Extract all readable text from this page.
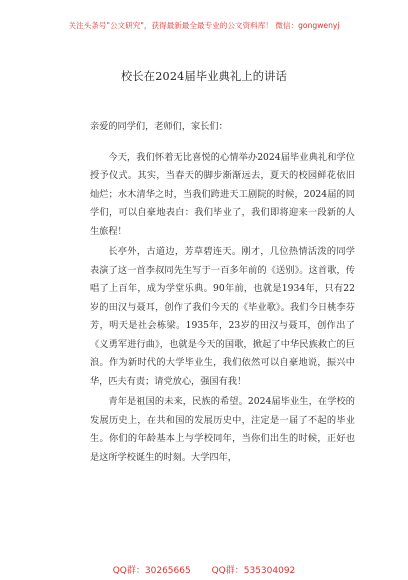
关注头条号"公文研究"，获得最新最全最专业的公文资料库！ 微信：gongwenyj
校长在2024届毕业典礼上的讲话

亲爱的同学们，老师们，家长们：

今天，我们怀着无比喜悦的心情举办2024届毕业典礼和学位授予仪式。其实，当春天的脚步渐渐远去，夏天的校园鲜花依旧灿烂；水木清华之时，当我们跨进天工剧院的时候，2024届的同学们，可以自豪地表白：我们毕业了，我们即将迎来一段新的人生旅程！

长亭外，古道边，芳草碧连天。刚才，几位热情活泼的同学表演了这一首李叔同先生写于一百多年前的《送别》。这首歌，传唱了上百年，成为学堂乐典。90年前，也就是1934年，只有22岁的田汉与聂耳，创作了我们今天的《毕业歌》。我们今日桃李芬芳，明天是社会栋梁。1935年，23岁的田汉与聂耳，创作出了《义勇军进行曲》，也就是今天的国歌，掀起了中华民族救亡的巨浪。作为新时代的大学毕业生，我们依然可以自豪地说，振兴中华，匹夫有责；请党放心，强国有我！

青年是祖国的未来，民族的希望。2024届毕业生，在学校的发展历史上，在共和国的发展历史中，注定是一届了不起的毕业生。你们的年龄基本上与学校同年，当你们出生的时候，正好也是这所学校诞生的时刻。大学四年，

QQ群：30265665 QQ群：535304092
